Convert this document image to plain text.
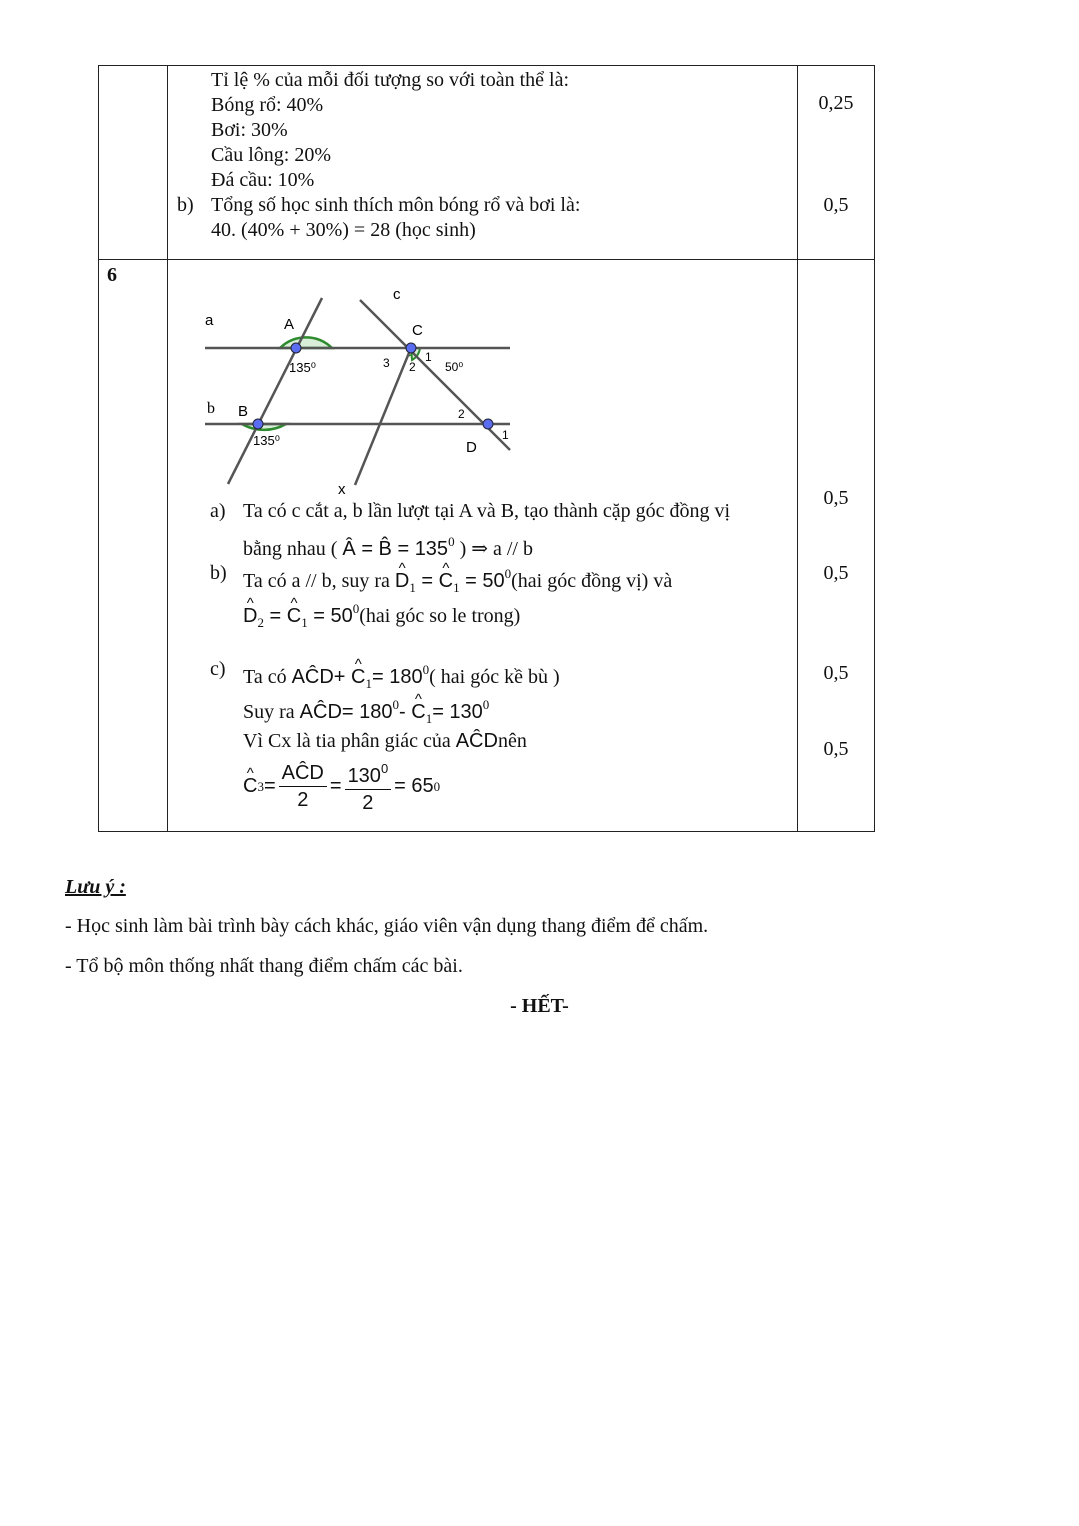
Tỉ lệ % của mỗi đối tượng so với toàn thể là:
Bóng rổ: 40%
Bơi: 30%
Cầu lông: 20%
Đá cầu: 10%
b) Tổng số học sinh thích môn bóng rổ và bơi là:
40. (40% + 30%) = 28 (học sinh)
0,25
0,5
6
c
a	A	C
b B
D
x
135⁰
135⁰
50⁰
1
2
3
2
1
a) Ta có c cắt a, b lần lượt tại A và B, tạo thành cặp góc đồng vị
bằng nhau ( Â = B̂ = $135^0$ ) ⇒ a // b
b) Ta có a // b, suy ra ^ $D_1$ = ^ $C_1 = 50^0(hai$ góc đồng vị) và
^ $D_2$ = ^ $C_1 = 50^0(hai$ góc so le trong)
c) Ta có AĈD+ ^ $C_1= 180^0$( hai góc kề bù )
Suy ra AĈD= $180^0-$ ^ $C_1= 130^0$
Vì Cx là tia phân giác của AĈDnên
^ C $3 = \frac{\text{AĈD}}{2} = \frac{130^0}{2} = 65$ 0
0,5
0,5
0,5
0,5
Lưu ý :
- Học sinh làm bài trình bày cách khác, giáo viên vận dụng thang điểm để chấm.
- Tổ bộ môn thống nhất thang điểm chấm các bài.
- HẾT-
